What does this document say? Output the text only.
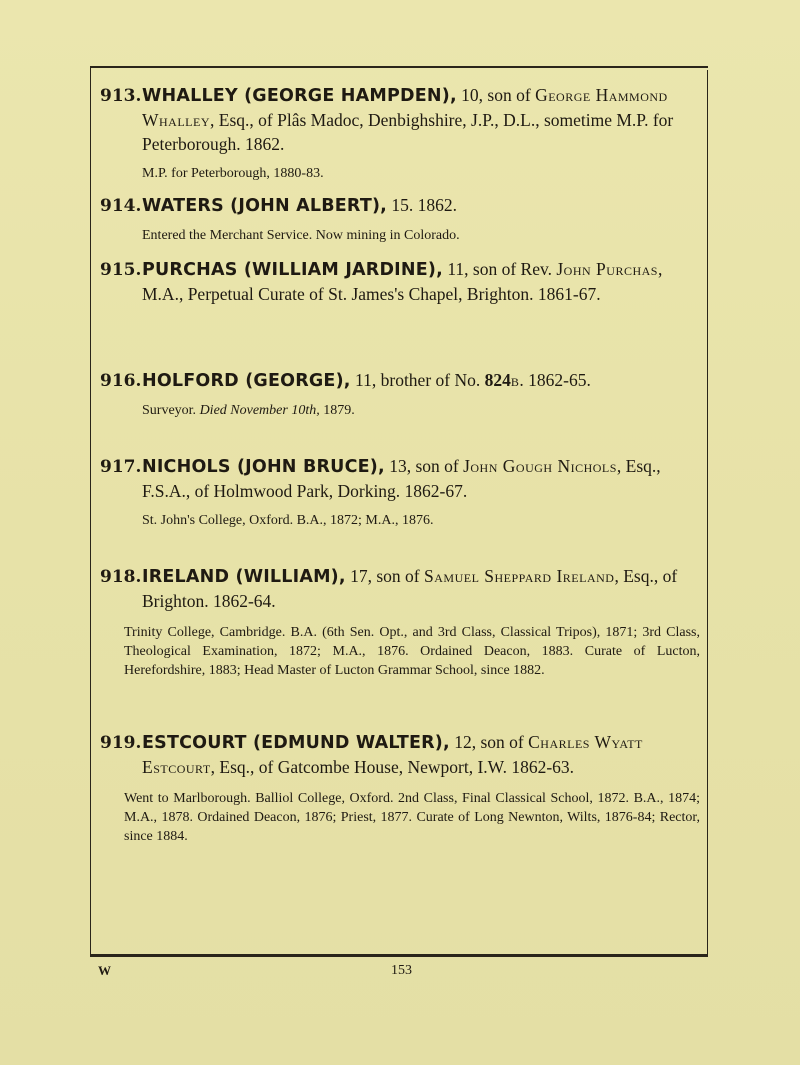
913.WHALLEY (GEORGE HAMPDEN), 10, son of George Hammond Whalley, Esq., of Plâs Madoc, Denbighshire, J.P., D.L., sometime M.P. for Peterborough. 1862.

M.P. for Peterborough, 1880-83.

914.WATERS (JOHN ALBERT), 15. 1862.

Entered the Merchant Service. Now mining in Colorado.

915.PURCHAS (WILLIAM JARDINE), 11, son of Rev. John Purchas, M.A., Perpetual Curate of St. James's Chapel, Brighton. 1861-67.

916.HOLFORD (GEORGE), 11, brother of No. 824b. 1862-65.

Surveyor. Died November 10th, 1879.

917.NICHOLS (JOHN BRUCE), 13, son of John Gough Nichols, Esq., F.S.A., of Holmwood Park, Dorking. 1862-67.

St. John's College, Oxford. B.A., 1872; M.A., 1876.

918.IRELAND (WILLIAM), 17, son of Samuel Sheppard Ireland, Esq., of Brighton. 1862-64.

Trinity College, Cambridge. B.A. (6th Sen. Opt., and 3rd Class, Classical Tripos), 1871; 3rd Class, Theological Examination, 1872; M.A., 1876. Ordained Deacon, 1883. Curate of Lucton, Herefordshire, 1883; Head Master of Lucton Grammar School, since 1882.

919.ESTCOURT (EDMUND WALTER), 12, son of Charles Wyatt Estcourt, Esq., of Gatcombe House, Newport, I.W. 1862-63.

Went to Marlborough. Balliol College, Oxford. 2nd Class, Final Classical School, 1872. B.A., 1874; M.A., 1878. Ordained Deacon, 1876; Priest, 1877. Curate of Long Newnton, Wilts, 1876-84; Rector, since 1884.

W	153
